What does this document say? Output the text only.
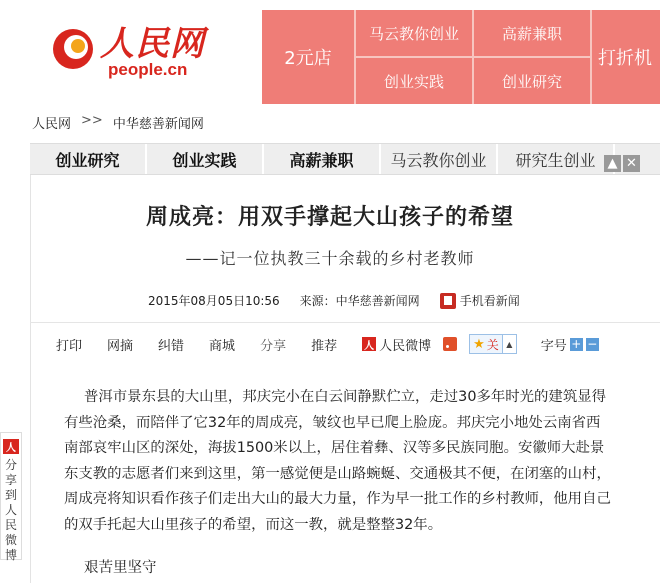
人民网
people.cn
2元店
马云教你创业	高薪兼职
创业实践	创业研究
打折机
人民网 >> 中华慈善新闻网
创业研究	创业实践	高薪兼职	马云教你创业	研究生创业 ▲ ✕
周成亮：用双手撑起大山孩子的希望
——记一位执教三十余载的乡村老教师
2015年08月05日10:56 来源：中华慈善新闻网	手机看新闻
打印 网摘 纠错 商城 分享 推荐	人 人民微博	★ 关 ▲ 字号 + −
普洱市景东县的大山里，邦庆完小在白云间静默伫立，走过30多年时光的建筑显得有些沧桑，而陪伴了它32年的周成亮，皱纹也早已爬上脸庞。邦庆完小地处云南省西南部哀牢山区的深处，海拔1500米以上，居住着彝、汉等多民族同胞。安徽师大赴景东支教的志愿者们来到这里，第一感觉便是山路蜿蜒、交通极其不便，在闭塞的山村，周成亮将知识看作孩子们走出大山的最大力量，作为早一批工作的乡村教师，他用自己的双手托起大山里孩子的希望，而这一教，就是整整32年。
艰苦里坚守
人
分享到人民微博
